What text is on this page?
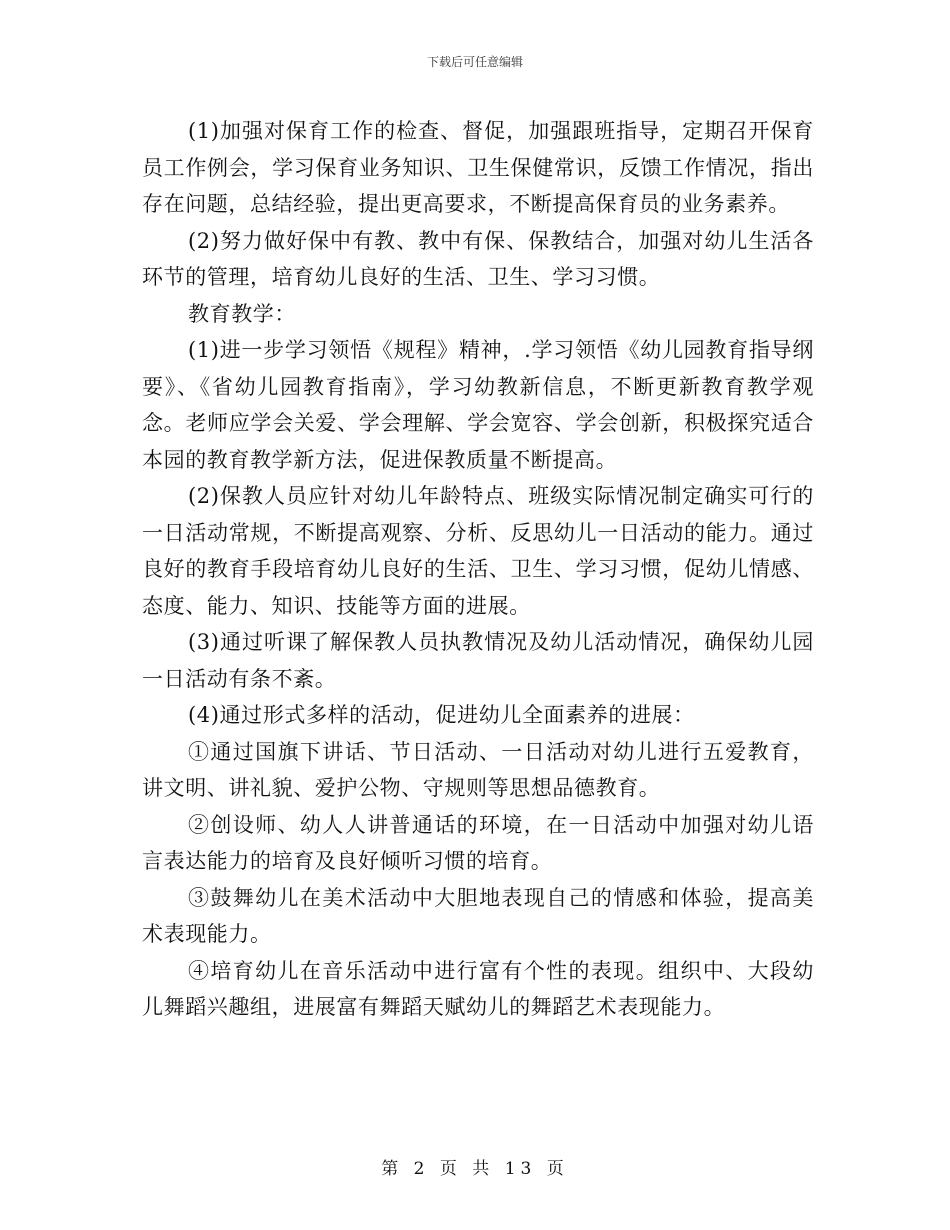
下载后可任意编辑

(1)加强对保育工作的检查、督促，加强跟班指导，定期召开保育员工作例会，学习保育业务知识、卫生保健常识，反馈工作情况，指出存在问题，总结经验，提出更高要求，不断提高保育员的业务素养。

(2)努力做好保中有教、教中有保、保教结合，加强对幼儿生活各环节的管理，培育幼儿良好的生活、卫生、学习习惯。

教育教学：

(1)进一步学习领悟《规程》精神，.学习领悟《幼儿园教育指导纲要》、《省幼儿园教育指南》，学习幼教新信息，不断更新教育教学观念。老师应学会关爱、学会理解、学会宽容、学会创新，积极探究适合本园的教育教学新方法，促进保教质量不断提高。

(2)保教人员应针对幼儿年龄特点、班级实际情况制定确实可行的一日活动常规，不断提高观察、分析、反思幼儿一日活动的能力。通过良好的教育手段培育幼儿良好的生活、卫生、学习习惯，促幼儿情感、态度、能力、知识、技能等方面的进展。

(3)通过听课了解保教人员执教情况及幼儿活动情况，确保幼儿园一日活动有条不紊。

(4)通过形式多样的活动，促进幼儿全面素养的进展：

①通过国旗下讲话、节日活动、一日活动对幼儿进行五爱教育，讲文明、讲礼貌、爱护公物、守规则等思想品德教育。

②创设师、幼人人讲普通话的环境，在一日活动中加强对幼儿语言表达能力的培育及良好倾听习惯的培育。

③鼓舞幼儿在美术活动中大胆地表现自己的情感和体验，提高美术表现能力。

④培育幼儿在音乐活动中进行富有个性的表现。组织中、大段幼儿舞蹈兴趣组，进展富有舞蹈天赋幼儿的舞蹈艺术表现能力。

第 2 页 共 13 页
